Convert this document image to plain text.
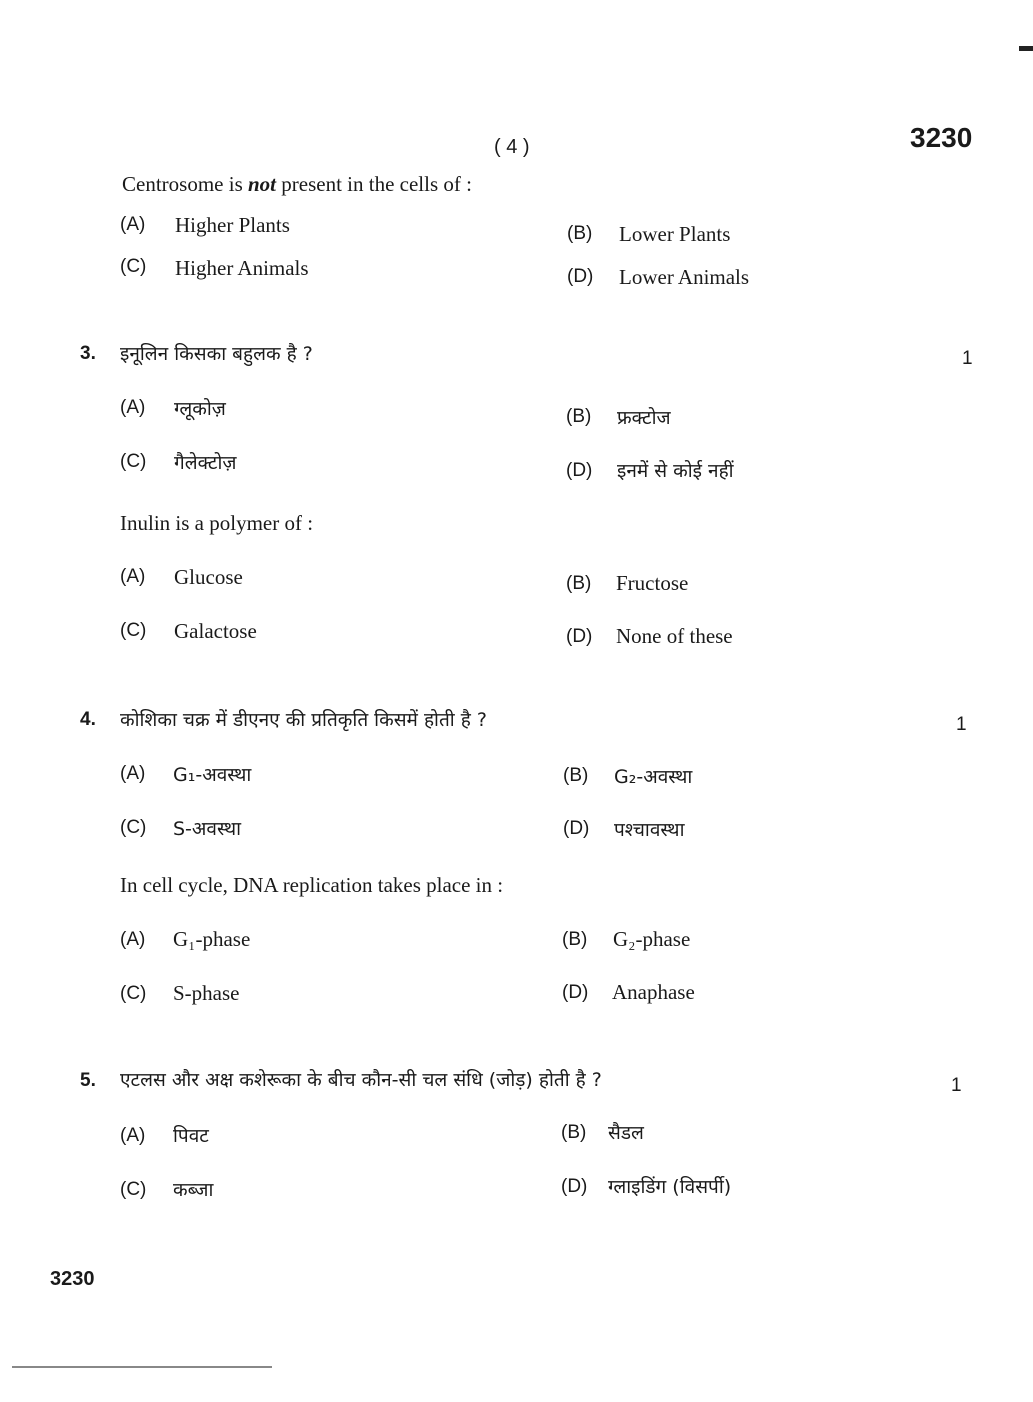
( 4 )	3230
Centrosome is not present in the cells of :
(A) Higher Plants	(B) Lower Plants
(C) Higher Animals	(D) Lower Animals
3. इनूलिन किसका बहुलक है ?	1
(A) ग्लूकोज़	(B) फ्रक्टोज
(C) गैलेक्टोज़	(D) इनमें से कोई नहीं
Inulin is a polymer of :
(A) Glucose	(B) Fructose
(C) Galactose	(D) None of these
4. कोशिका चक्र में डीएनए की प्रतिकृति किसमें होती है ?	1
(A) G₁-अवस्था	(B) G₂-अवस्था
(C) S-अवस्था	(D) पश्चावस्था
In cell cycle, DNA replication takes place in :
(A) G₁-phase	(B) G₂-phase
(C) S-phase	(D) Anaphase
5. एटलस और अक्ष कशेरूका के बीच कौन-सी चल संधि (जोड़) होती है ?	1
(A) पिवट	(B) सैडल
(C) कब्जा	(D) ग्लाइडिंग (विसर्पी)
3230
